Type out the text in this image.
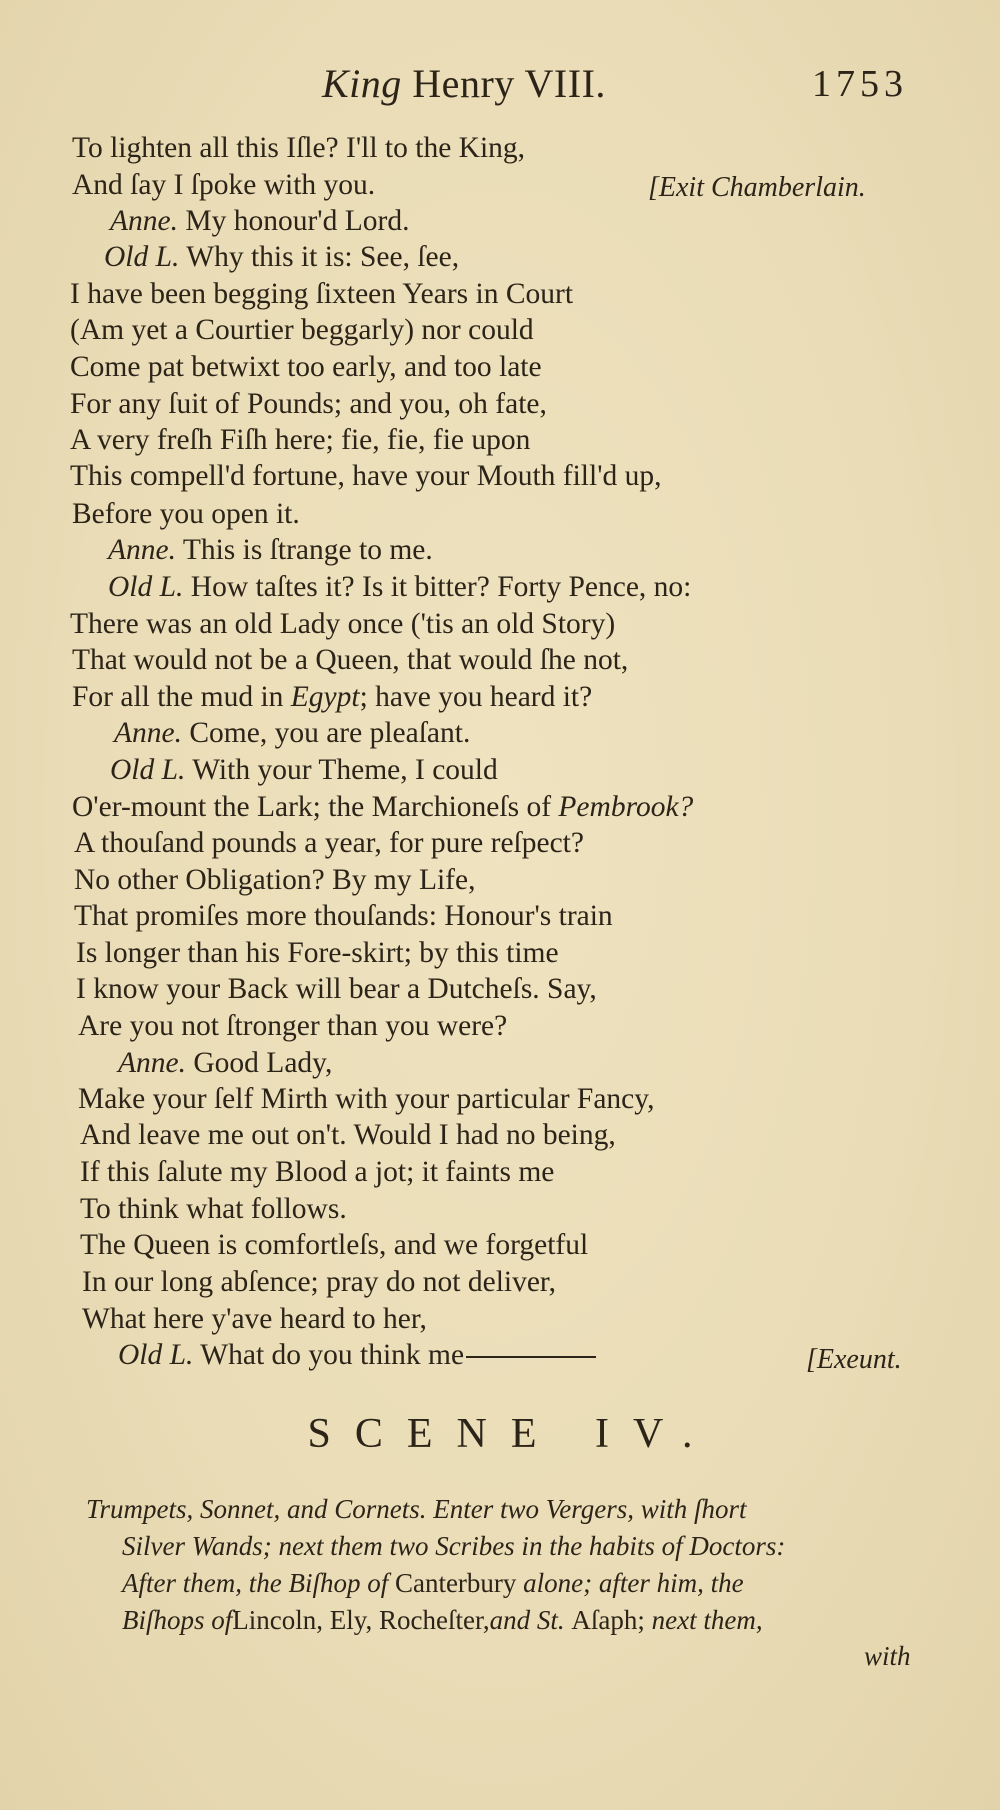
King Henry VIII.	1753
To lighten all this Iſle? I'll to the King,
And ſay I ſpoke with you.	[Exit Chamberlain.
Anne. My honour'd Lord.
Old L. Why this it is: See, ſee,
I have been begging ſixteen Years in Court
(Am yet a Courtier beggarly) nor could
Come pat betwixt too early, and too late
For any ſuit of Pounds; and you, oh fate,
A very freſh Fiſh here; fie, fie, fie upon
This compell'd fortune, have your Mouth fill'd up,
Before you open it.
Anne. This is ſtrange to me.
Old L. How taſtes it? Is it bitter? Forty Pence, no:
There was an old Lady once ('tis an old Story)
That would not be a Queen, that would ſhe not,
For all the mud in Egypt; have you heard it?
Anne. Come, you are pleaſant.
Old L. With your Theme, I could
O'er-mount the Lark; the Marchioneſs of Pembrook?
A thouſand pounds a year, for pure reſpect?
No other Obligation? By my Life,
That promiſes more thouſands: Honour's train
Is longer than his Fore-skirt; by this time
I know your Back will bear a Dutcheſs. Say,
Are you not ſtronger than you were?
Anne. Good Lady,
Make your ſelf Mirth with your particular Fancy,
And leave me out on't. Would I had no being,
If this ſalute my Blood a jot; it faints me
To think what follows.
The Queen is comfortleſs, and we forgetful
In our long abſence; pray do not deliver,
What here y'ave heard to her,
Old L. What do you think me	[Exeunt.
SCENE IV.
Trumpets, Sonnet, and Cornets. Enter two Vergers, with ſhort
Silver Wands; next them two Scribes in the habits of Doctors:
After them, the Biſhop of Canterbury alone; after him, the
Biſhops ofLincoln, Ely, Rocheſter,and St. Aſaph; next them,
with
